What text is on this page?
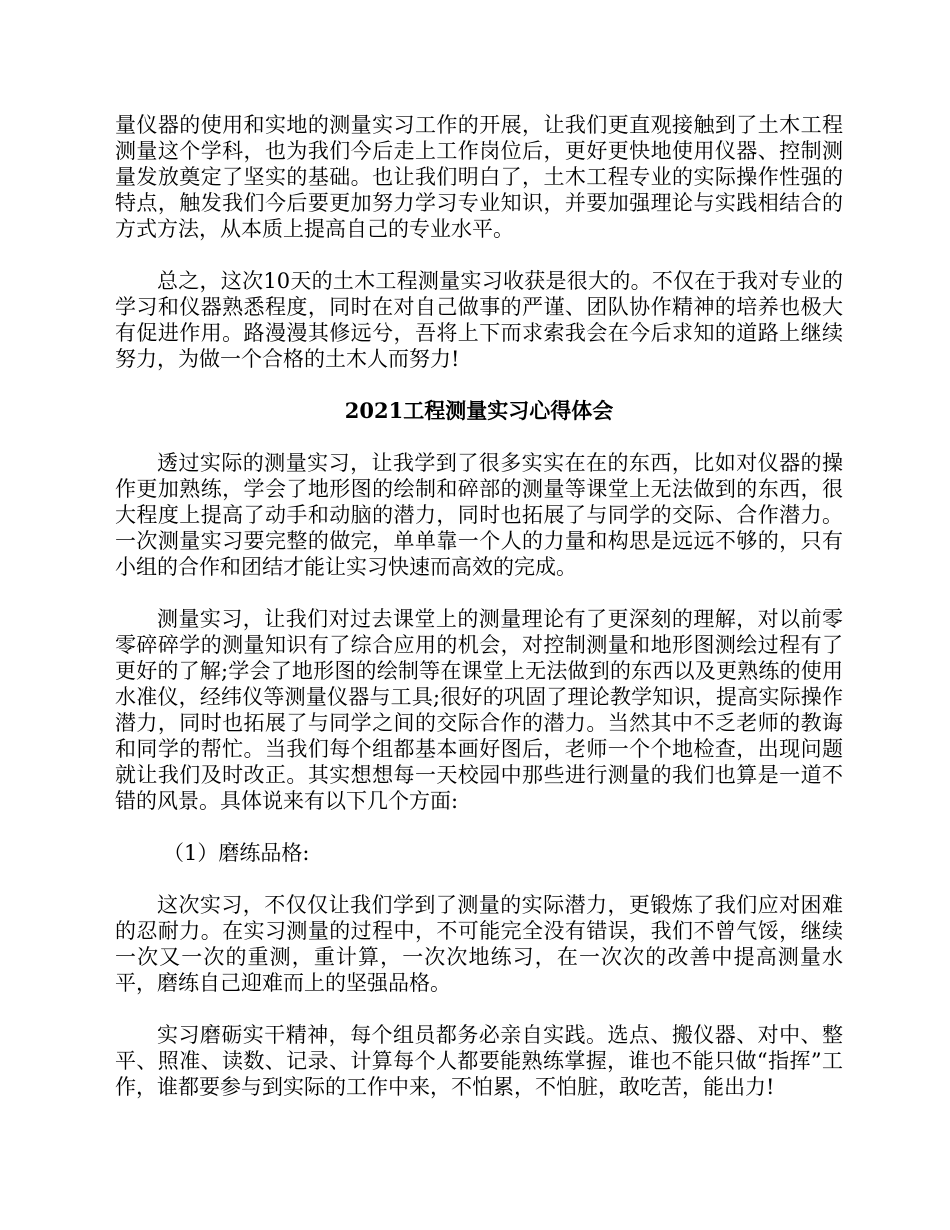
量仪器的使用和实地的测量实习工作的开展，让我们更直观接触到了土木工程测量这个学科，也为我们今后走上工作岗位后，更好更快地使用仪器、控制测量发放奠定了坚实的基础。也让我们明白了，土木工程专业的实际操作性强的特点，触发我们今后要更加努力学习专业知识，并要加强理论与实践相结合的方式方法，从本质上提高自己的专业水平。

总之，这次10天的土木工程测量实习收获是很大的。不仅在于我对专业的学习和仪器熟悉程度，同时在对自己做事的严谨、团队协作精神的培养也极大有促进作用。路漫漫其修远兮，吾将上下而求索我会在今后求知的道路上继续努力，为做一个合格的土木人而努力!

2021工程测量实习心得体会

透过实际的测量实习，让我学到了很多实实在在的东西，比如对仪器的操作更加熟练，学会了地形图的绘制和碎部的测量等课堂上无法做到的东西，很大程度上提高了动手和动脑的潜力，同时也拓展了与同学的交际、合作潜力。一次测量实习要完整的做完，单单靠一个人的力量和构思是远远不够的，只有小组的合作和团结才能让实习快速而高效的完成。

测量实习，让我们对过去课堂上的测量理论有了更深刻的理解，对以前零零碎碎学的测量知识有了综合应用的机会，对控制测量和地形图测绘过程有了更好的了解;学会了地形图的绘制等在课堂上无法做到的东西以及更熟练的使用水准仪，经纬仪等测量仪器与工具;很好的巩固了理论教学知识，提高实际操作潜力，同时也拓展了与同学之间的交际合作的潜力。当然其中不乏老师的教诲和同学的帮忙。当我们每个组都基本画好图后，老师一个个地检查，出现问题就让我们及时改正。其实想想每一天校园中那些进行测量的我们也算是一道不错的风景。具体说来有以下几个方面:

（1）磨练品格:

这次实习，不仅仅让我们学到了测量的实际潜力，更锻炼了我们应对困难的忍耐力。在实习测量的过程中，不可能完全没有错误，我们不曾气馁，继续一次又一次的重测，重计算，一次次地练习，在一次次的改善中提高测量水平，磨练自己迎难而上的坚强品格。

实习磨砺实干精神，每个组员都务必亲自实践。选点、搬仪器、对中、整平、照准、读数、记录、计算每个人都要能熟练掌握，谁也不能只做“指挥”工作，谁都要参与到实际的工作中来，不怕累，不怕脏，敢吃苦，能出力!
